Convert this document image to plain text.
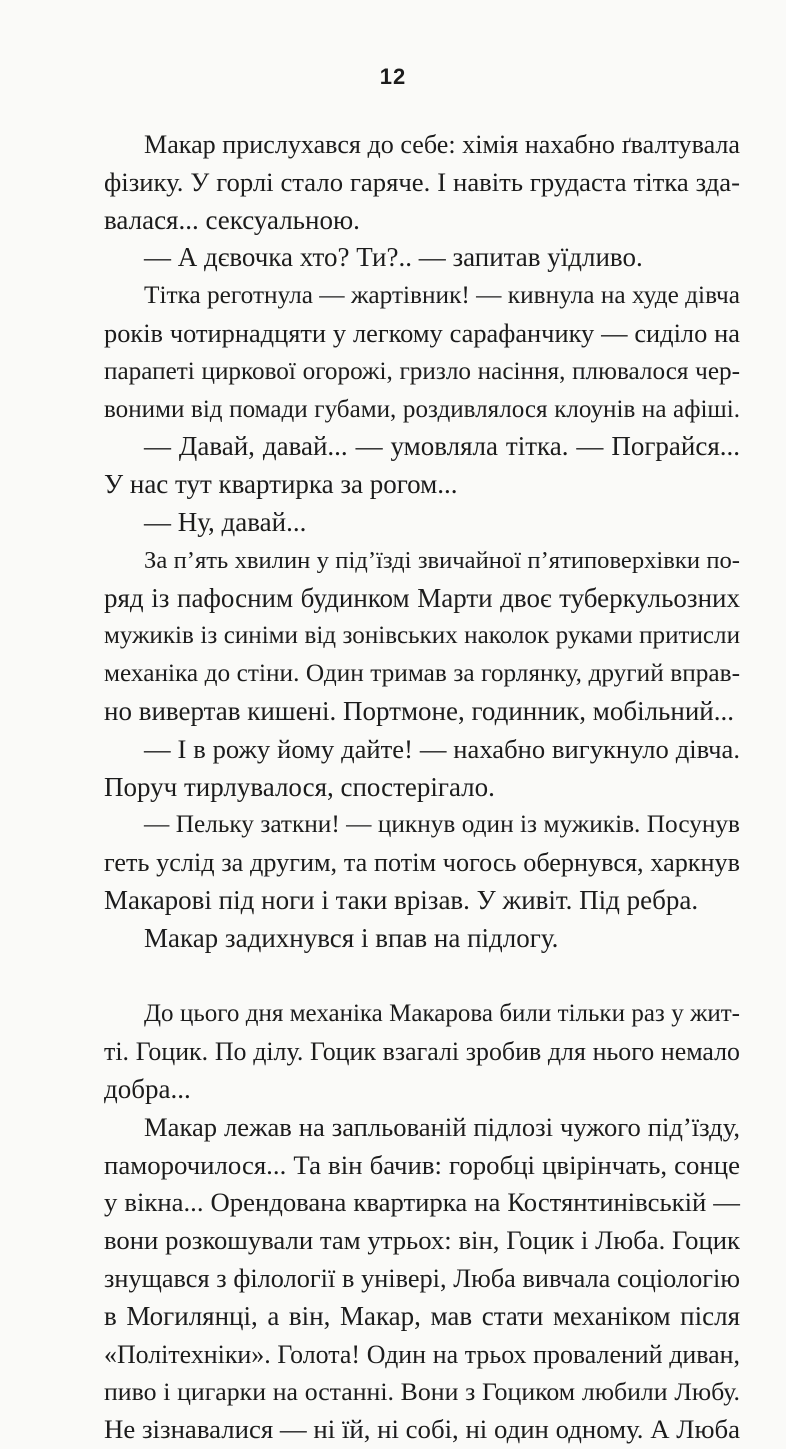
12
Макар прислухався до себе: хімія нахабно ґвалтувала
фізику. У горлі стало гаряче. І навіть грудаста тітка зда-
валася... сексуальною.
— А дєвочка хто? Ти?.. — запитав уїдливо.
Тітка реготнула — жартівник! — кивнула на худе дівча
років чотирнадцяти у легкому сарафанчику — сиділо на
парапеті циркової огорожі, гризло насіння, плювалося чер-
воними від помади губами, роздивлялося клоунів на афіші.
— Давай, давай... — умовляла тітка. — Пограйся...
У нас тут квартирка за рогом...
— Ну, давай...
За п’ять хвилин у під’їзді звичайної п’ятиповерхівки по-
ряд із пафосним будинком Марти двоє туберкульозних
мужиків із синіми від зонівських наколок руками притисли
механіка до стіни. Один тримав за горлянку, другий вправ-
но вивертав кишені. Портмоне, годинник, мобільний...
— І в рожу йому дайте! — нахабно вигукнуло дівча.
Поруч тирлувалося, спостерігало.
— Пельку заткни! — цикнув один із мужиків. Посунув
геть услід за другим, та потім чогось обернувся, харкнув
Макарові під ноги і таки врізав. У живіт. Під ребра.
Макар задихнувся і впав на підлогу.
До цього дня механіка Макарова били тільки раз у жит-
ті. Гоцик. По ділу. Гоцик взагалі зробив для нього немало
добра...
Макар лежав на запльованій підлозі чужого під’їзду,
паморочилося... Та він бачив: горобці цвірінчать, сонце
у вікна... Орендована квартирка на Костянтинівській —
вони розкошували там утрьох: він, Гоцик і Люба. Гоцик
знущався з філології в універі, Люба вивчала соціологію
в Могилянці, а він, Макар, мав стати механіком після
«Політехніки». Голота! Один на трьох провалений диван,
пиво і цигарки на останні. Вони з Гоциком любили Любу.
Не зізнавалися — ні їй, ні собі, ні один одному. А Люба
